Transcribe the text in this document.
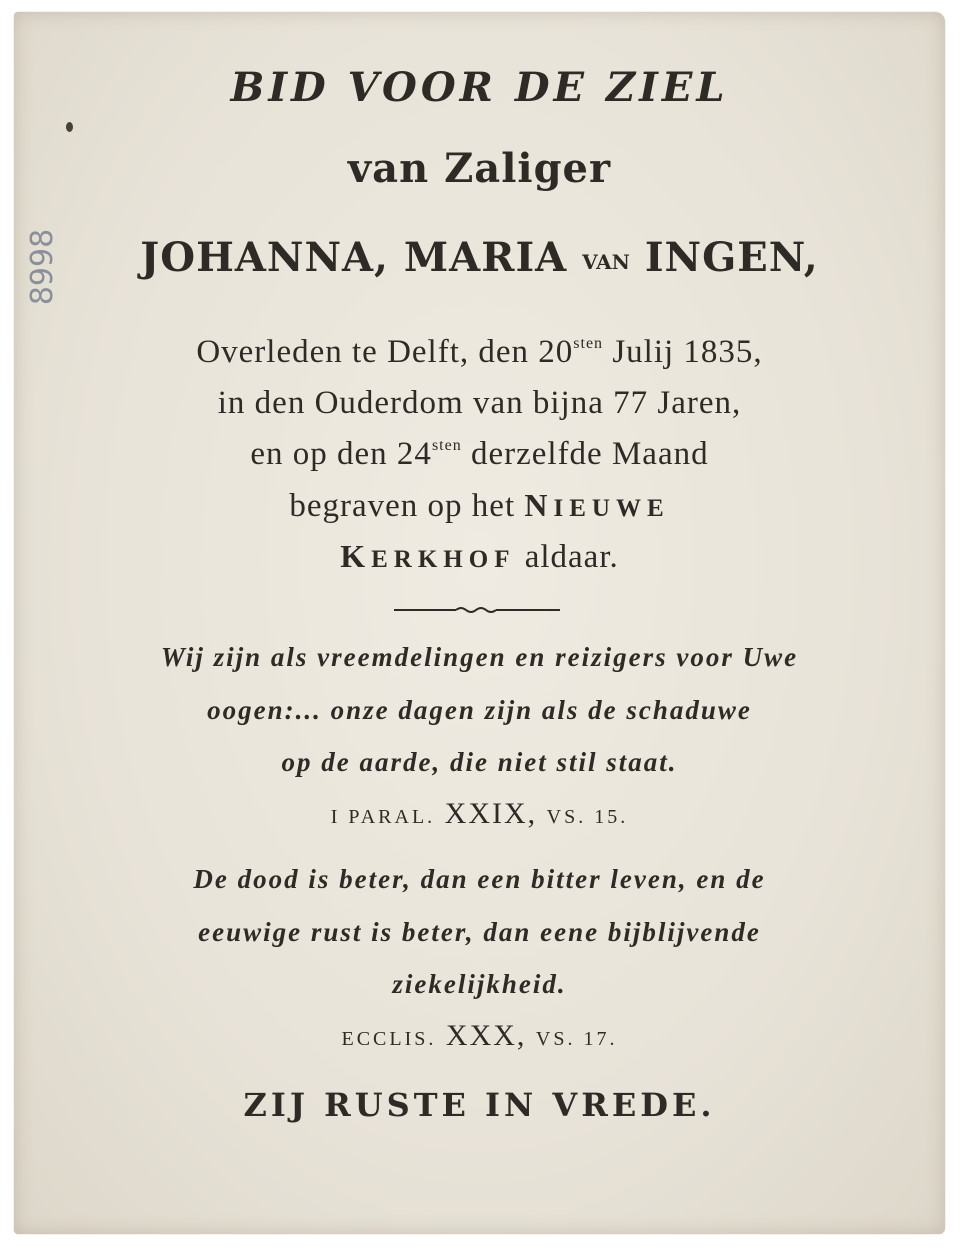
8998
BID VOOR DE ZIEL
van Zaliger
JOHANNA, MARIA VAN INGEN,
Overleden te Delft, den $20^{sten}$ Julij 1835,
in den Ouderdom van bijna 77 Jaren,
en op den $24^{sten}$ derzelfde Maand
begraven op het NIEUWE
KERKHOF aldaar.
Wij zijn als vreemdelingen en reizigers voor Uwe
oogen:... onze dagen zijn als de schaduwe
op de aarde, die niet stil staat.
I PARAL. XXIX, VS. 15.
De dood is beter, dan een bitter leven, en de
eeuwige rust is beter, dan eene bijblijvende
ziekelijkheid.
ECCLIS. XXX, VS. 17.
ZIJ RUSTE IN VREDE.
